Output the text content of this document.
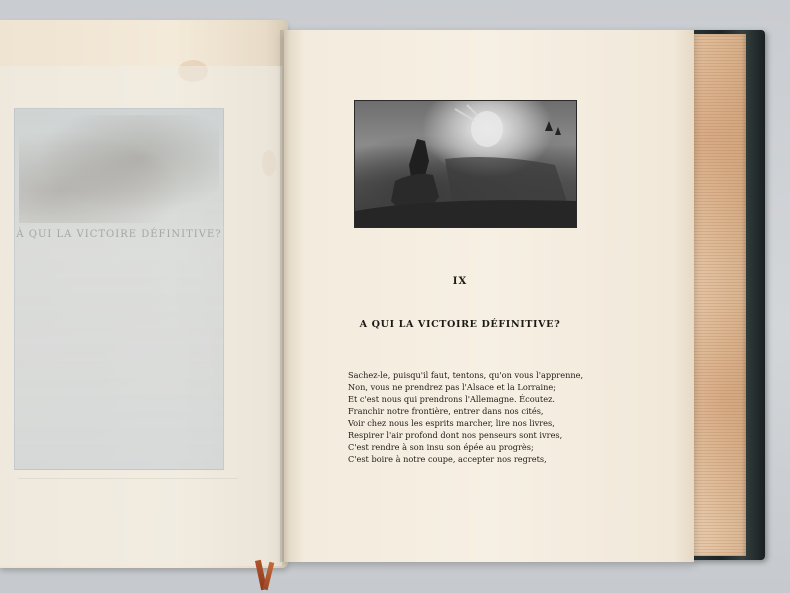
À QUI LA VICTOIRE DÉFINITIVE?
IX
A QUI LA VICTOIRE DÉFINITIVE?
Sachez-le, puisqu'il faut, tentons, qu'on vous l'apprenne,
Non, vous ne prendrez pas l'Alsace et la Lorraine;
Et c'est nous qui prendrons l'Allemagne. Écoutez.
Franchir notre frontière, entrer dans nos cités,
Voir chez nous les esprits marcher, lire nos livres,
Respirer l'air profond dont nos penseurs sont ivres,
C'est rendre à son insu son épée au progrès;
C'est boire à notre coupe, accepter nos regrets,
